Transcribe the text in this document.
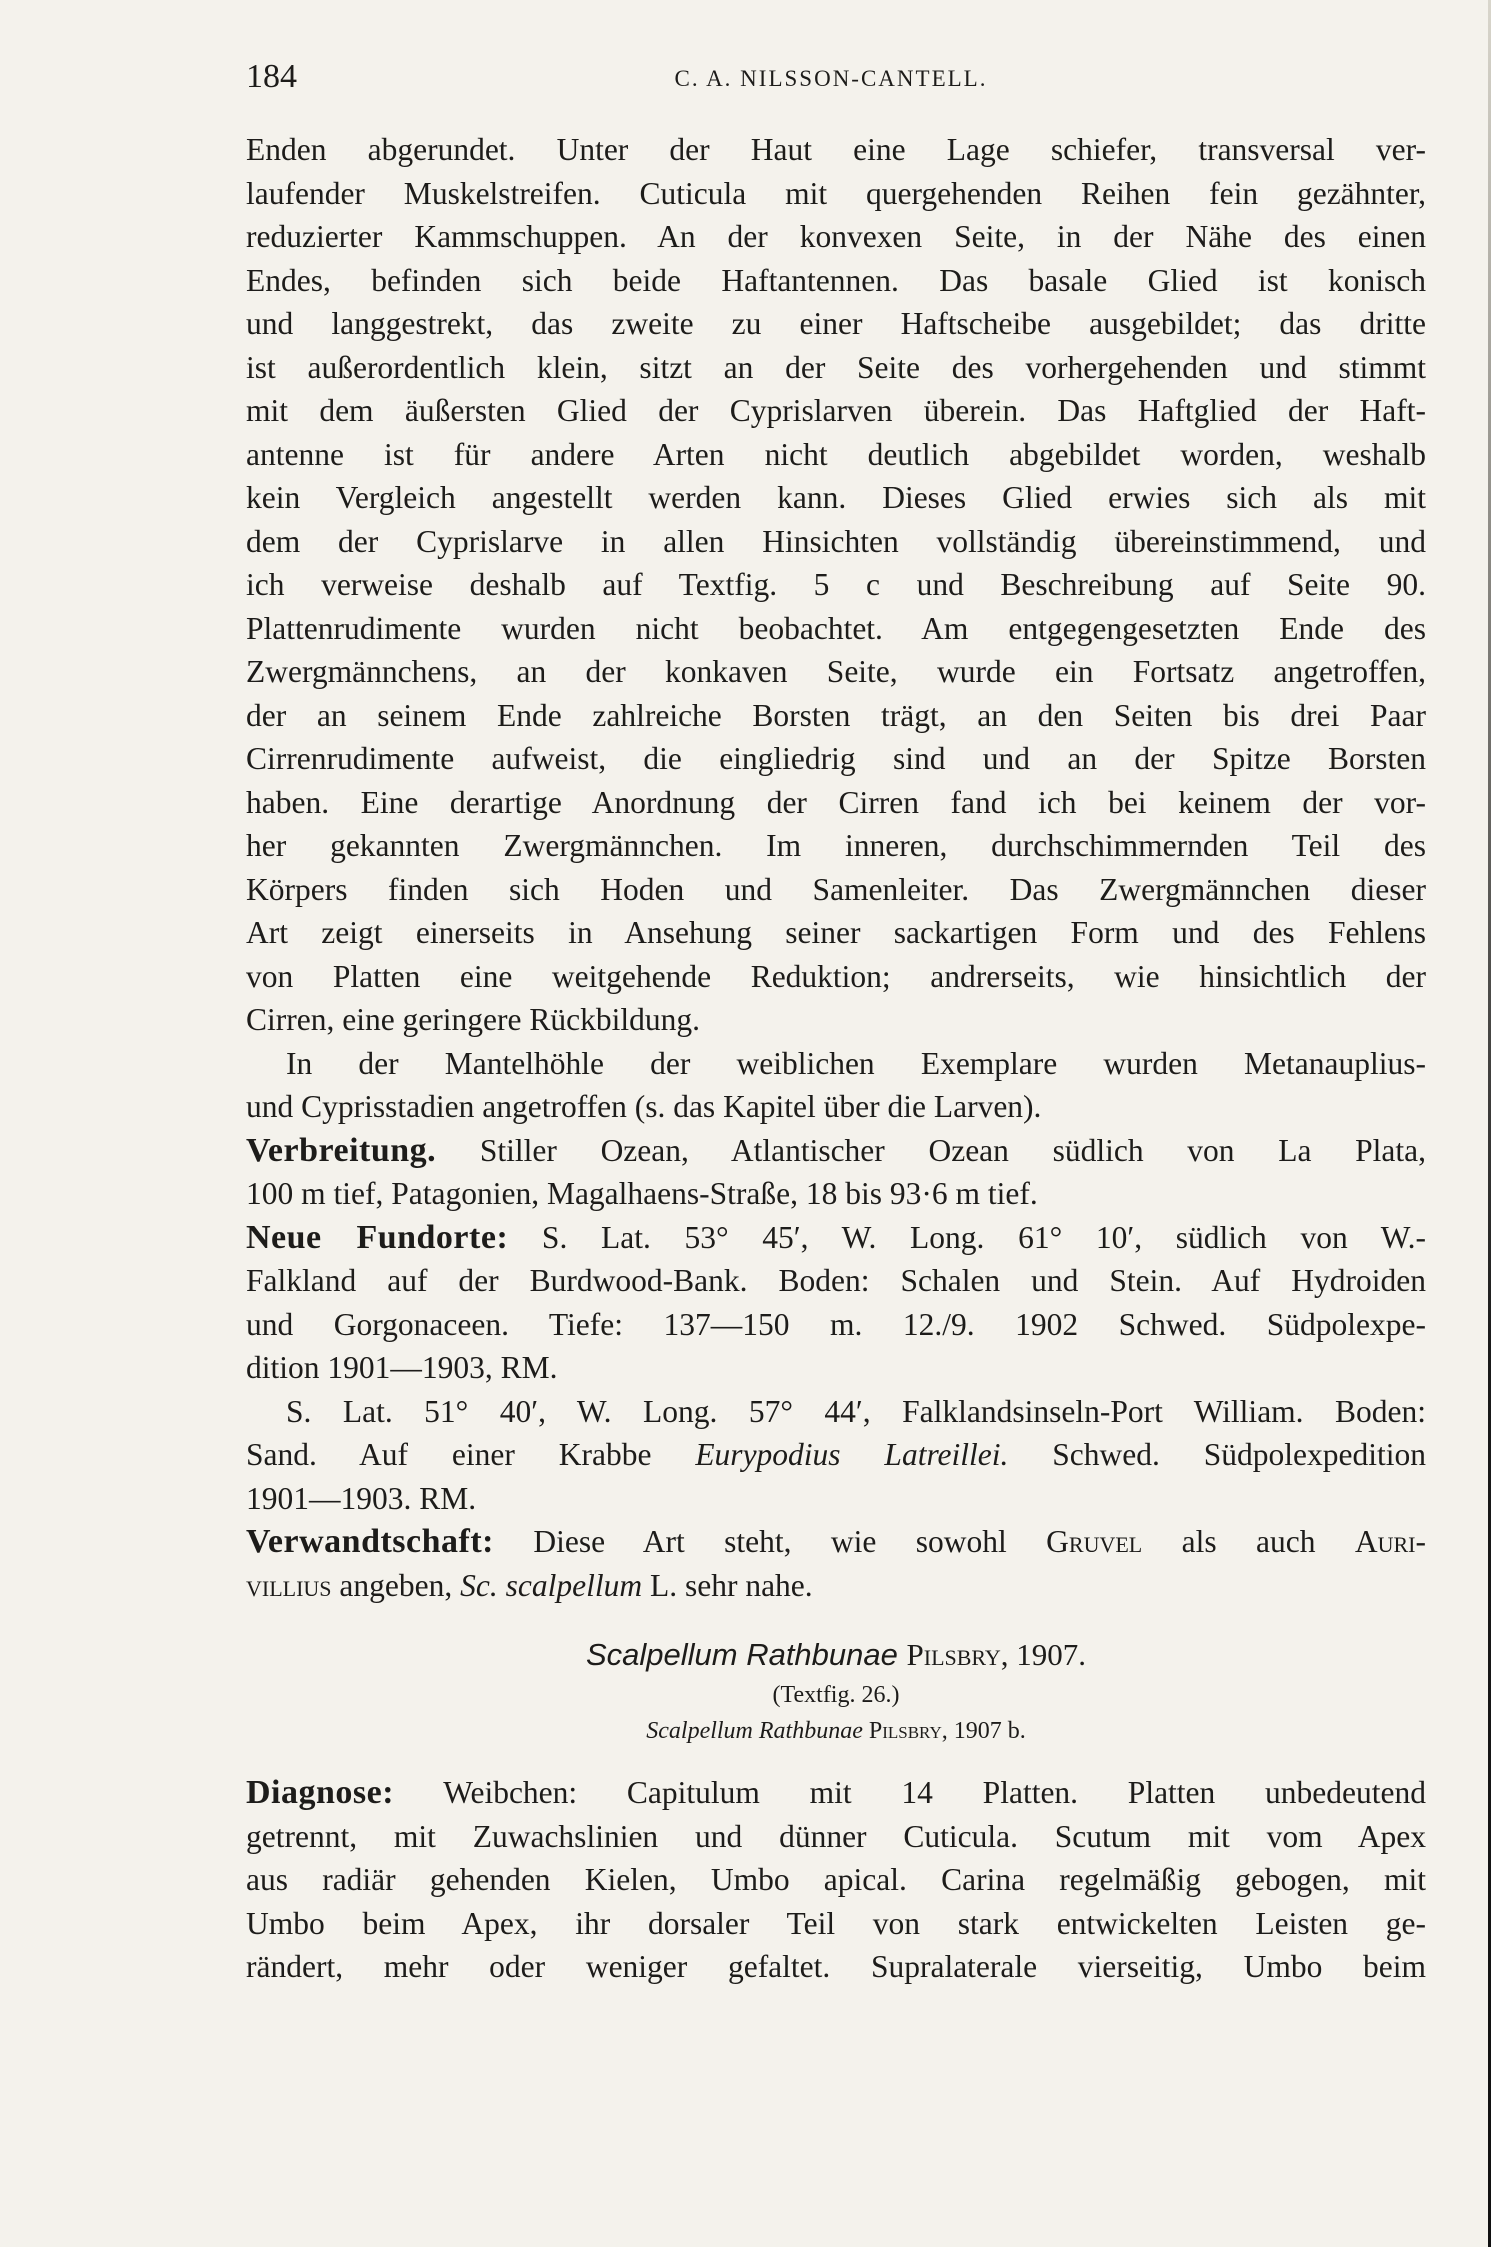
184	C. A. NILSSON-CANTELL.

Enden abgerundet. Unter der Haut eine Lage schiefer, transversal ver-
laufender Muskelstreifen. Cuticula mit quergehenden Reihen fein gezähnter,
reduzierter Kammschuppen. An der konvexen Seite, in der Nähe des einen
Endes, befinden sich beide Haftantennen. Das basale Glied ist konisch
und langgestrekt, das zweite zu einer Haftscheibe ausgebildet; das dritte
ist außerordentlich klein, sitzt an der Seite des vorhergehenden und stimmt
mit dem äußersten Glied der Cyprislarven überein. Das Haftglied der Haft-
antenne ist für andere Arten nicht deutlich abgebildet worden, weshalb
kein Vergleich angestellt werden kann. Dieses Glied erwies sich als mit
dem der Cyprislarve in allen Hinsichten vollständig übereinstimmend, und
ich verweise deshalb auf Textfig. 5 c und Beschreibung auf Seite 90.
Plattenrudimente wurden nicht beobachtet. Am entgegengesetzten Ende des
Zwergmännchens, an der konkaven Seite, wurde ein Fortsatz angetroffen,
der an seinem Ende zahlreiche Borsten trägt, an den Seiten bis drei Paar
Cirrenrudimente aufweist, die eingliedrig sind und an der Spitze Borsten
haben. Eine derartige Anordnung der Cirren fand ich bei keinem der vor-
her gekannten Zwergmännchen. Im inneren, durchschimmernden Teil des
Körpers finden sich Hoden und Samenleiter. Das Zwergmännchen dieser
Art zeigt einerseits in Ansehung seiner sackartigen Form und des Fehlens
von Platten eine weitgehende Reduktion; andrerseits, wie hinsichtlich der
Cirren, eine geringere Rückbildung.

In der Mantelhöhle der weiblichen Exemplare wurden Metanauplius-
und Cyprisstadien angetroffen (s. das Kapitel über die Larven).

Verbreitung. Stiller Ozean, Atlantischer Ozean südlich von La Plata,
100 m tief, Patagonien, Magalhaens-Straße, 18 bis 93·6 m tief.

Neue Fundorte: S. Lat. 53° 45′, W. Long. 61° 10′, südlich von W.-
Falkland auf der Burdwood-Bank. Boden: Schalen und Stein. Auf Hydroiden
und Gorgonaceen. Tiefe: 137—150 m. 12./9. 1902 Schwed. Südpolexpe-
dition 1901—1903, RM.

S. Lat. 51° 40′, W. Long. 57° 44′, Falklandsinseln-Port William. Boden:
Sand. Auf einer Krabbe Eurypodius Latreillei. Schwed. Südpolexpedition
1901—1903. RM.

Verwandtschaft: Diese Art steht, wie sowohl Gruvel als auch Auri-
villius angeben, Sc. scalpellum L. sehr nahe.

Scalpellum Rathbunae Pilsbry, 1907.
(Textfig. 26.)
Scalpellum Rathbunae Pilsbry, 1907 b.

Diagnose: Weibchen: Capitulum mit 14 Platten. Platten unbedeutend
getrennt, mit Zuwachslinien und dünner Cuticula. Scutum mit vom Apex
aus radiär gehenden Kielen, Umbo apical. Carina regelmäßig gebogen, mit
Umbo beim Apex, ihr dorsaler Teil von stark entwickelten Leisten ge-
rändert, mehr oder weniger gefaltet. Supralaterale vierseitig, Umbo beim
